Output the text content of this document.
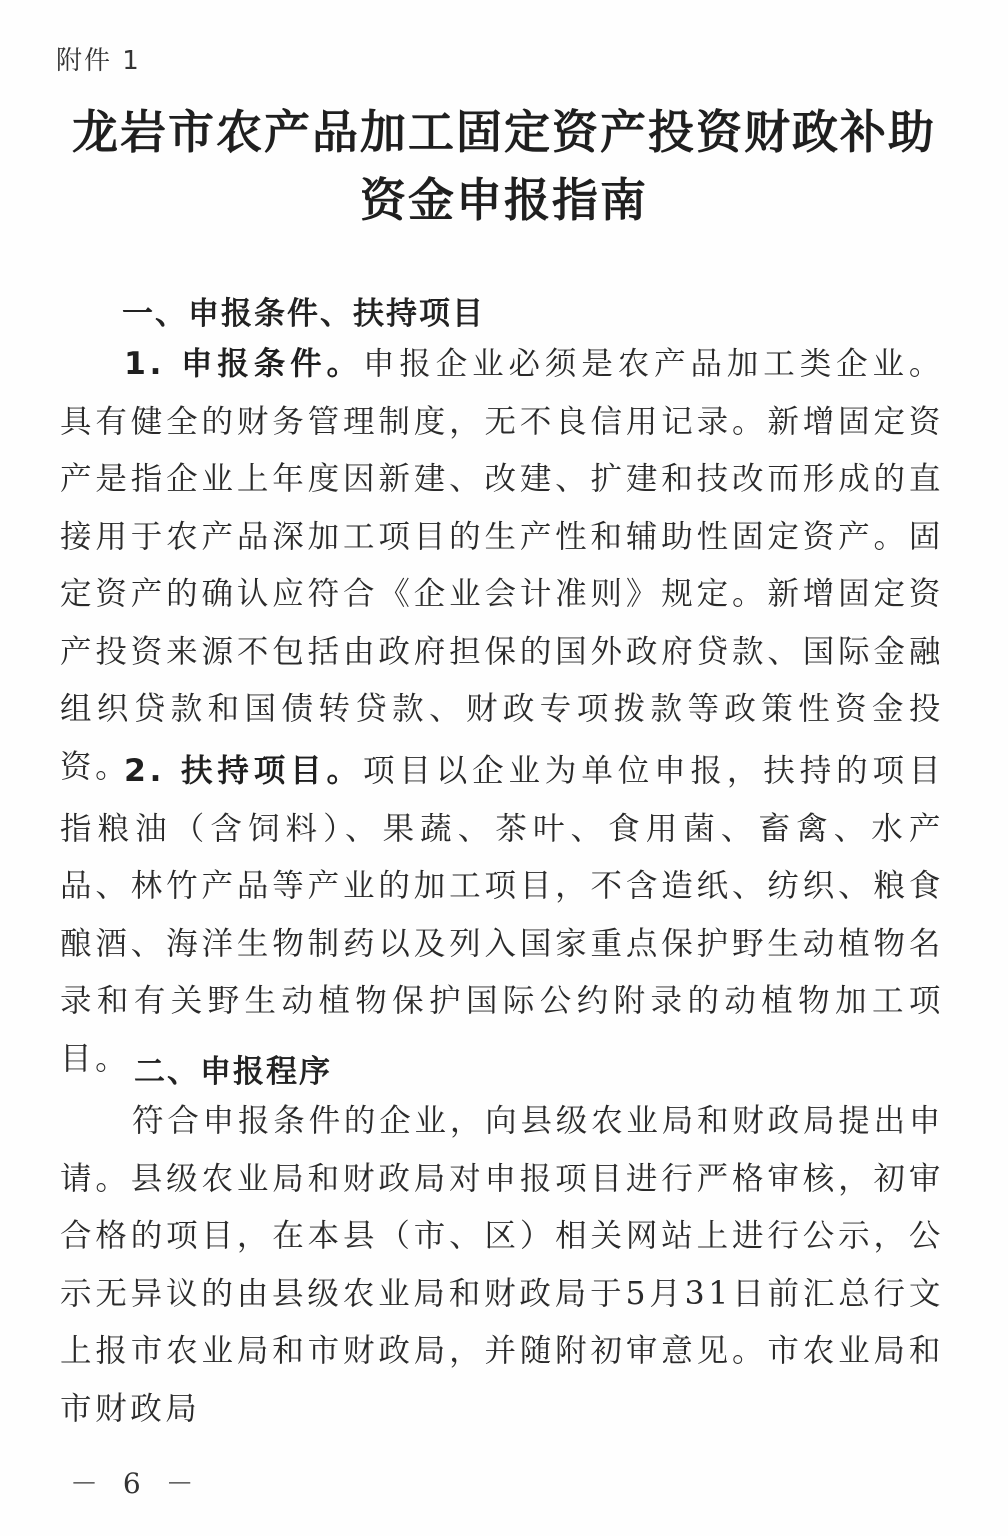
附件 1
龙岩市农产品加工固定资产投资财政补助
资金申报指南
一、申报条件、扶持项目

1. 申报条件。申报企业必须是农产品加工类企业。具有健全的财务管理制度，无不良信用记录。新增固定资产是指企业上年度因新建、改建、扩建和技改而形成的直接用于农产品深加工项目的生产性和辅助性固定资产。固定资产的确认应符合《企业会计准则》规定。新增固定资产投资来源不包括由政府担保的国外政府贷款、国际金融组织贷款和国债转贷款、财政专项拨款等政策性资金投资。

2. 扶持项目。项目以企业为单位申报，扶持的项目指粮油（含饲料）、果蔬、茶叶、食用菌、畜禽、水产品、林竹产品等产业的加工项目，不含造纸、纺织、粮食酿酒、海洋生物制药以及列入国家重点保护野生动植物名录和有关野生动植物保护国际公约附录的动植物加工项目。 二、申报程序

符合申报条件的企业，向县级农业局和财政局提出申请。县级农业局和财政局对申报项目进行严格审核，初审合格的项目，在本县（市、区）相关网站上进行公示，公示无异议的由县级农业局和财政局于5月31日前汇总行文上报市农业局和市财政局，并随附初审意见。市农业局和市财政局

－ 6 －
